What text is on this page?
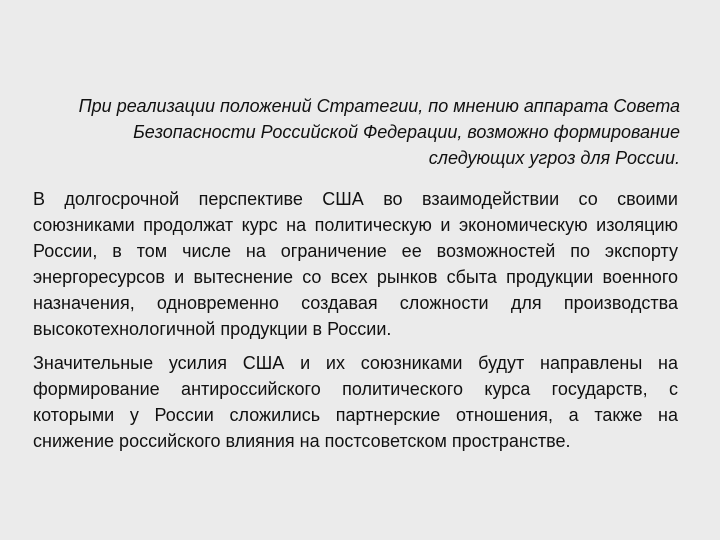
При реализации положений Стратегии, по мнению аппарата Совета Безопасности Российской Федерации, возможно формирование следующих угроз для России.

В долгосрочной перспективе США во взаимодействии со своими союзниками продолжат курс на политическую и экономическую изоляцию России, в том числе на ограничение ее возможностей по экспорту энергоресурсов и вытеснение со всех рынков сбыта продукции военного назначения, одновременно создавая сложности для производства высокотехнологичной продукции в России.

Значительные усилия США и их союзниками будут направлены на формирование антироссийского политического курса государств, с которыми у России сложились партнерские отношения, а также на снижение российского влияния на постсоветском пространстве.
